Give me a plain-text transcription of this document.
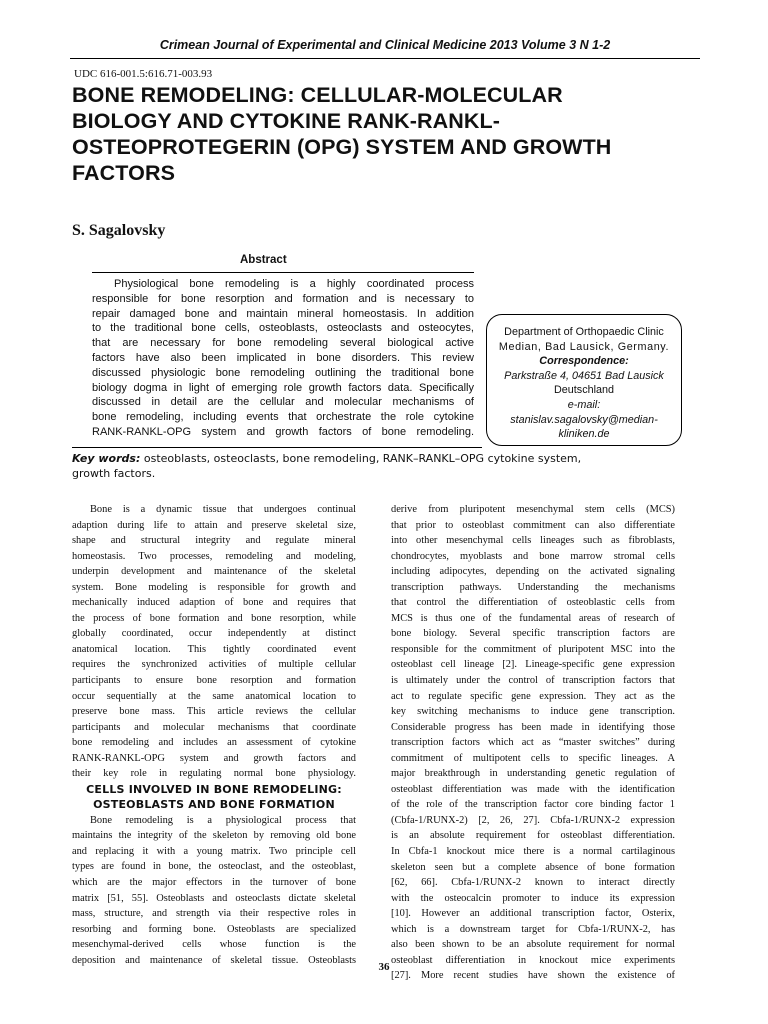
Crimean Journal of Experimental and Clinical Medicine 2013 Volume 3 N 1-2
UDC 616-001.5:616.71-003.93
BONE REMODELING: CELLULAR-MOLECULAR
BIOLOGY AND CYTOKINE RANK-RANKL-
OSTEOPROTEGERIN (OPG) SYSTEM AND GROWTH
FACTORS
S. Sagalovsky
Abstract
Physiological bone remodeling is a highly coordinated process
responsible for bone resorption and formation and is necessary to
repair damaged bone and maintain mineral homeostasis. In addition
to the traditional bone cells, osteoblasts, osteoclasts and osteocytes,
that are necessary for bone remodeling several biological active
factors have also been implicated in bone disorders. This review
discussed physiologic bone remodeling outlining the traditional bone
biology dogma in light of emerging role growth factors data. Specifically
discussed in detail are the cellular and molecular mechanisms of
bone remodeling, including events that orchestrate the role cytokine
RANK-RANKL-OPG system and growth factors of bone remodeling.
Department of Orthopaedic Clinic
Median, Bad Lausick, Germany.
Correspondence:
Parkstraße 4, 04651 Bad Lausick
Deutschland
e-mail:
stanislav.sagalovsky@median-
kliniken.de
Key words: osteoblasts, osteoclasts, bone remodeling, RANK–RANKL–OPG cytokine system,
growth factors.
Bone is a dynamic tissue that undergoes continual
adaption during life to attain and preserve skeletal size,
shape and structural integrity and regulate mineral
homeostasis. Two processes, remodeling and modeling,
underpin development and maintenance of the skeletal
system. Bone modeling is responsible for growth and
mechanically induced adaption of bone and requires that
the process of bone formation and bone resorption, while
globally coordinated, occur independently at distinct
anatomical location. This tightly coordinated event
requires the synchronized activities of multiple cellular
participants to ensure bone resorption and formation
occur sequentially at the same anatomical location to
preserve bone mass. This article reviews the cellular
participants and molecular mechanisms that coordinate
bone remodeling and includes an assessment of cytokine
RANK-RANKL-OPG system and growth factors and
their key role in regulating normal bone physiology.
CELLS INVOLVED IN BONE REMODELING:
OSTEOBLASTS AND BONE FORMATION
Bone remodeling is a physiological process that
maintains the integrity of the skeleton by removing old bone
and replacing it with a young matrix. Two principle cell
types are found in bone, the osteoclast, and the osteoblast,
which are the major effectors in the turnover of bone
matrix [51, 55]. Osteoblasts and osteoclasts dictate skeletal
mass, structure, and strength via their respective roles in
resorbing and forming bone. Osteoblasts are specialized
mesenchymal-derived cells whose function is the
deposition and maintenance of skeletal tissue. Osteoblasts
derive from pluripotent mesenchymal stem cells (MCS)
that prior to osteoblast commitment can also differentiate
into other mesenchymal cells lineages such as fibroblasts,
chondrocytes, myoblasts and bone marrow stromal cells
including adipocytes, depending on the activated signaling
transcription pathways. Understanding the mechanisms
that control the differentiation of osteoblastic cells from
MCS is thus one of the fundamental areas of research of
bone biology. Several specific transcription factors are
responsible for the commitment of pluripotent MSC into the
osteoblast cell lineage [2]. Lineage-specific gene expression
is ultimately under the control of transcription factors that
act to regulate specific gene expression. They act as the
key switching mechanisms to induce gene transcription.
Considerable progress has been made in identifying those
transcription factors which act as “master switches” during
commitment of multipotent cells to specific lineages. A
major breakthrough in understanding genetic regulation of
osteoblast differentiation was made with the identification
of the role of the transcription factor core binding factor 1
(Cbfa-1/RUNX-2) [2, 26, 27]. Cbfa-1/RUNX-2 expression
is an absolute requirement for osteoblast differentiation.
In Cbfa-1 knockout mice there is a normal cartilaginous
skeleton seen but a complete absence of bone formation
[62, 66]. Cbfa-1/RUNX-2 known to interact directly
with the osteocalcin promoter to induce its expression
[10]. However an additional transcription factor, Osterix,
which is a downstream target for Cbfa-1/RUNX-2, has
also been shown to be an absolute requirement for normal
osteoblast differentiation in knockout mice experiments
[27]. More recent studies have shown the existence of
36
